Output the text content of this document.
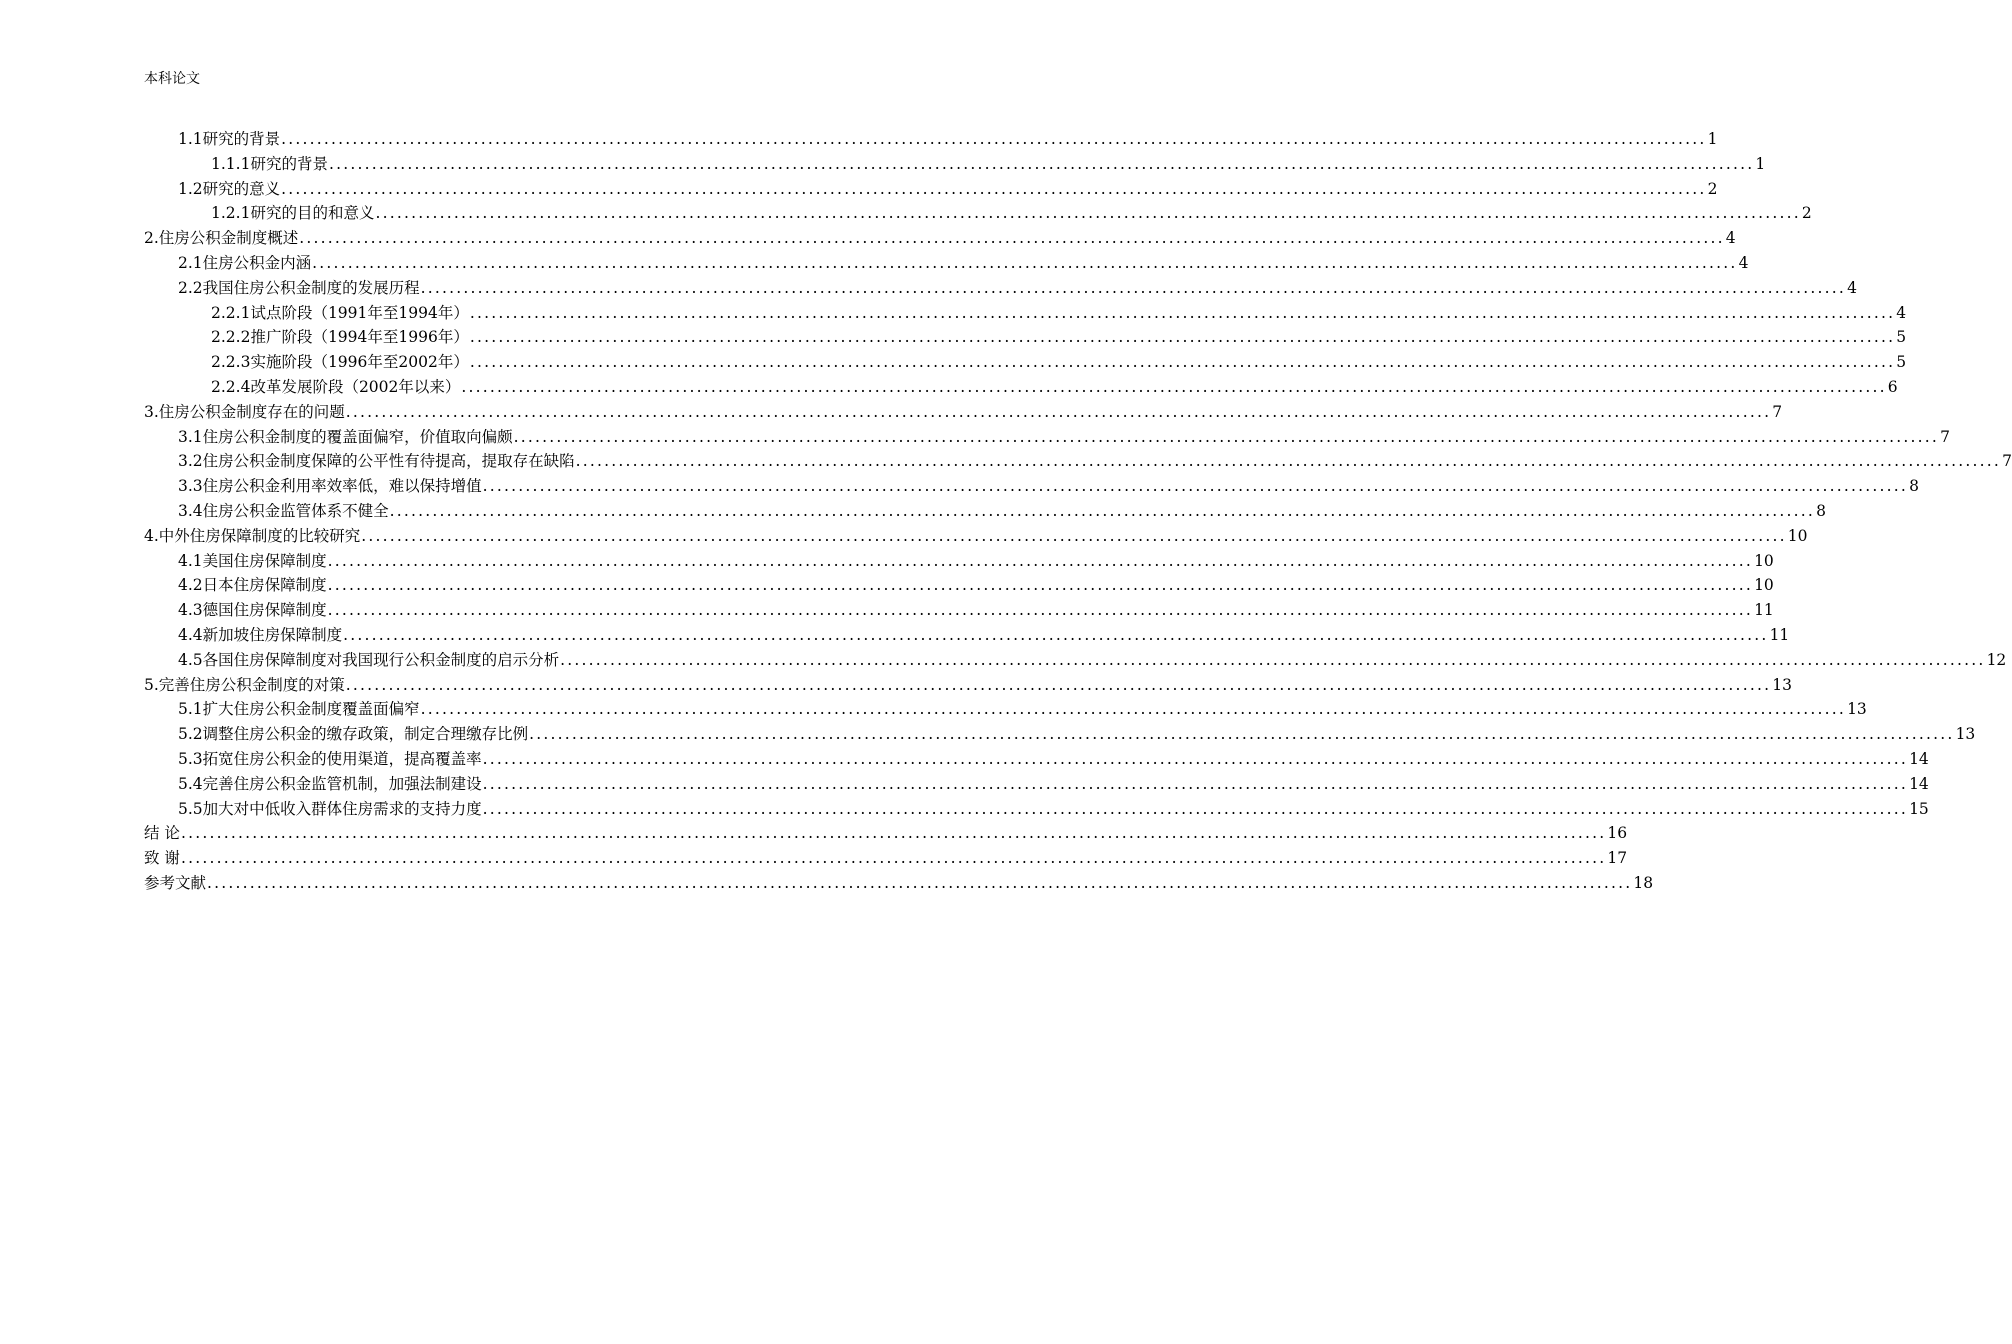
本科论文
1.1研究的背景 ........................................................................................................................................................................................................ 1
1.1.1研究的背景 ........................................................................................................................................................................................................ 1
1.2研究的意义 ........................................................................................................................................................................................................ 2
1.2.1研究的目的和意义 ........................................................................................................................................................................................................ 2
2.住房公积金制度概述 ........................................................................................................................................................................................................ 4
2.1住房公积金内涵 ........................................................................................................................................................................................................ 4
2.2我国住房公积金制度的发展历程 ........................................................................................................................................................................................................ 4
2.2.1试点阶段（1991年至1994年） ........................................................................................................................................................................................................ 4
2.2.2推广阶段（1994年至1996年） ........................................................................................................................................................................................................ 5
2.2.3实施阶段（1996年至2002年） ........................................................................................................................................................................................................ 5
2.2.4改革发展阶段（2002年以来） ........................................................................................................................................................................................................ 6
3.住房公积金制度存在的问题 ........................................................................................................................................................................................................ 7
3.1住房公积金制度的覆盖面偏窄，价值取向偏颇 ........................................................................................................................................................................................................ 7
3.2住房公积金制度保障的公平性有待提高，提取存在缺陷 ........................................................................................................................................................................................................ 7
3.3住房公积金利用率效率低，难以保持增值 ........................................................................................................................................................................................................ 8
3.4住房公积金监管体系不健全 ........................................................................................................................................................................................................ 8
4.中外住房保障制度的比较研究 ........................................................................................................................................................................................................ 10
4.1美国住房保障制度 ........................................................................................................................................................................................................ 10
4.2日本住房保障制度 ........................................................................................................................................................................................................ 10
4.3德国住房保障制度 ........................................................................................................................................................................................................ 11
4.4新加坡住房保障制度 ........................................................................................................................................................................................................ 11
4.5各国住房保障制度对我国现行公积金制度的启示分析 ........................................................................................................................................................................................................ 12
5.完善住房公积金制度的对策 ........................................................................................................................................................................................................ 13
5.1扩大住房公积金制度覆盖面偏窄 ........................................................................................................................................................................................................ 13
5.2调整住房公积金的缴存政策，制定合理缴存比例 ........................................................................................................................................................................................................ 13
5.3拓宽住房公积金的使用渠道，提高覆盖率 ........................................................................................................................................................................................................ 14
5.4完善住房公积金监管机制，加强法制建设 ........................................................................................................................................................................................................ 14
5.5加大对中低收入群体住房需求的支持力度 ........................................................................................................................................................................................................ 15
结 论 ........................................................................................................................................................................................................ 16
致 谢 ........................................................................................................................................................................................................ 17
参考文献 ........................................................................................................................................................................................................ 18
